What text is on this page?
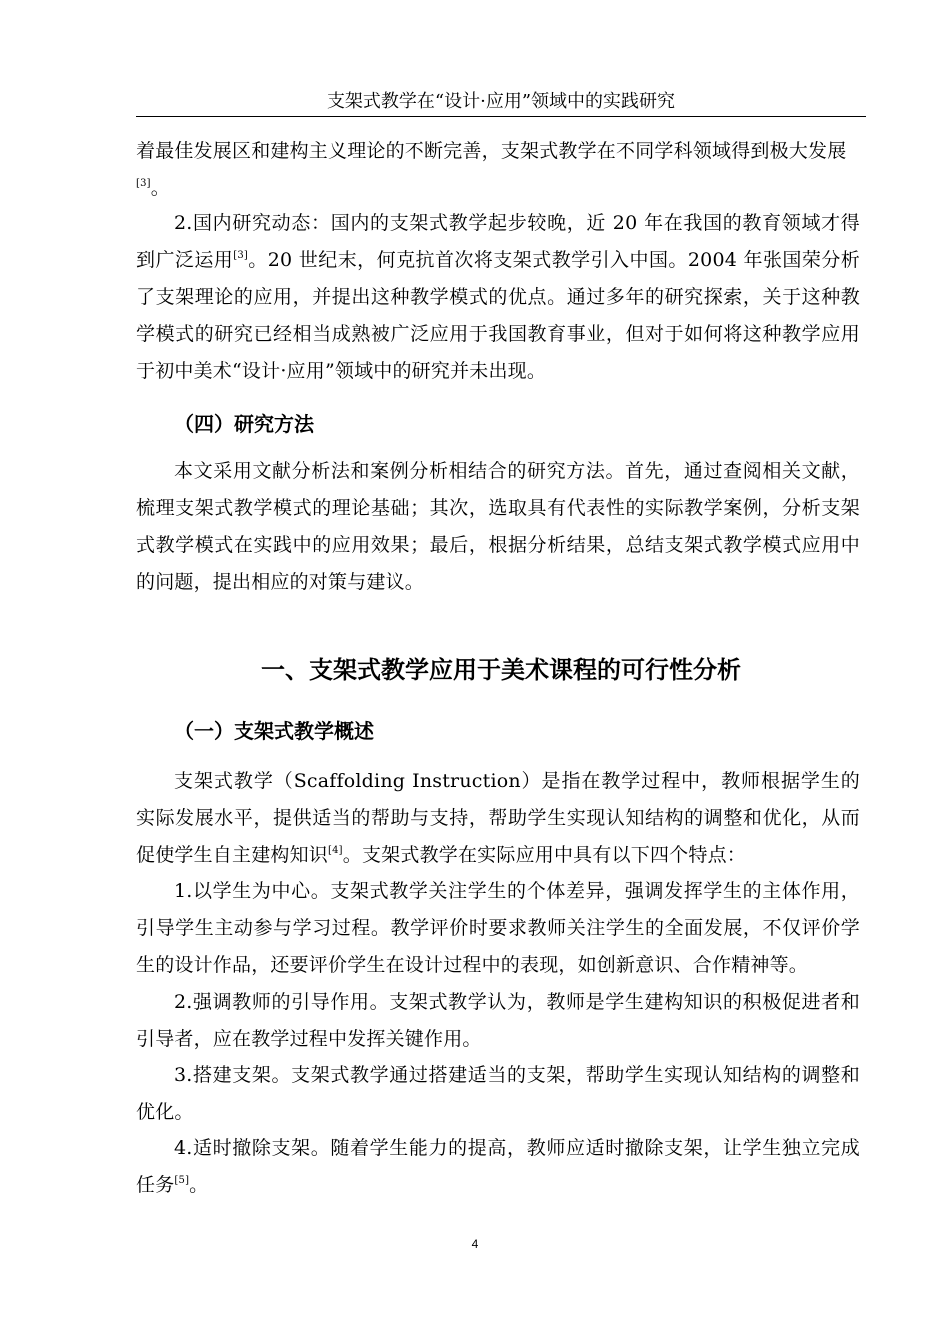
支架式教学在“设计·应用”领域中的实践研究

着最佳发展区和建构主义理论的不断完善，支架式教学在不同学科领域得到极大发展
[3]。

2.国内研究动态：国内的支架式教学起步较晚，近 20 年在我国的教育领域才得到广泛运用[3]。20 世纪末，何克抗首次将支架式教学引入中国。2004 年张国荣分析了支架理论的应用，并提出这种教学模式的优点。通过多年的研究探索，关于这种教学模式的研究已经相当成熟被广泛应用于我国教育事业，但对于如何将这种教学应用于初中美术“设计·应用”领域中的研究并未出现。

（四）研究方法

本文采用文献分析法和案例分析相结合的研究方法。首先，通过查阅相关文献，梳理支架式教学模式的理论基础；其次，选取具有代表性的实际教学案例，分析支架式教学模式在实践中的应用效果；最后，根据分析结果，总结支架式教学模式应用中的问题，提出相应的对策与建议。

一、支架式教学应用于美术课程的可行性分析
（一）支架式教学概述

支架式教学（Scaffolding Instruction）是指在教学过程中，教师根据学生的实际发展水平，提供适当的帮助与支持，帮助学生实现认知结构的调整和优化，从而促使学生自主建构知识[4]。支架式教学在实际应用中具有以下四个特点：

1.以学生为中心。支架式教学关注学生的个体差异，强调发挥学生的主体作用，引导学生主动参与学习过程。教学评价时要求教师关注学生的全面发展，不仅评价学生的设计作品，还要评价学生在设计过程中的表现，如创新意识、合作精神等。

2.强调教师的引导作用。支架式教学认为，教师是学生建构知识的积极促进者和引导者，应在教学过程中发挥关键作用。

3.搭建支架。支架式教学通过搭建适当的支架，帮助学生实现认知结构的调整和优化。

4.适时撤除支架。随着学生能力的提高，教师应适时撤除支架，让学生独立完成任务[5]。

4
